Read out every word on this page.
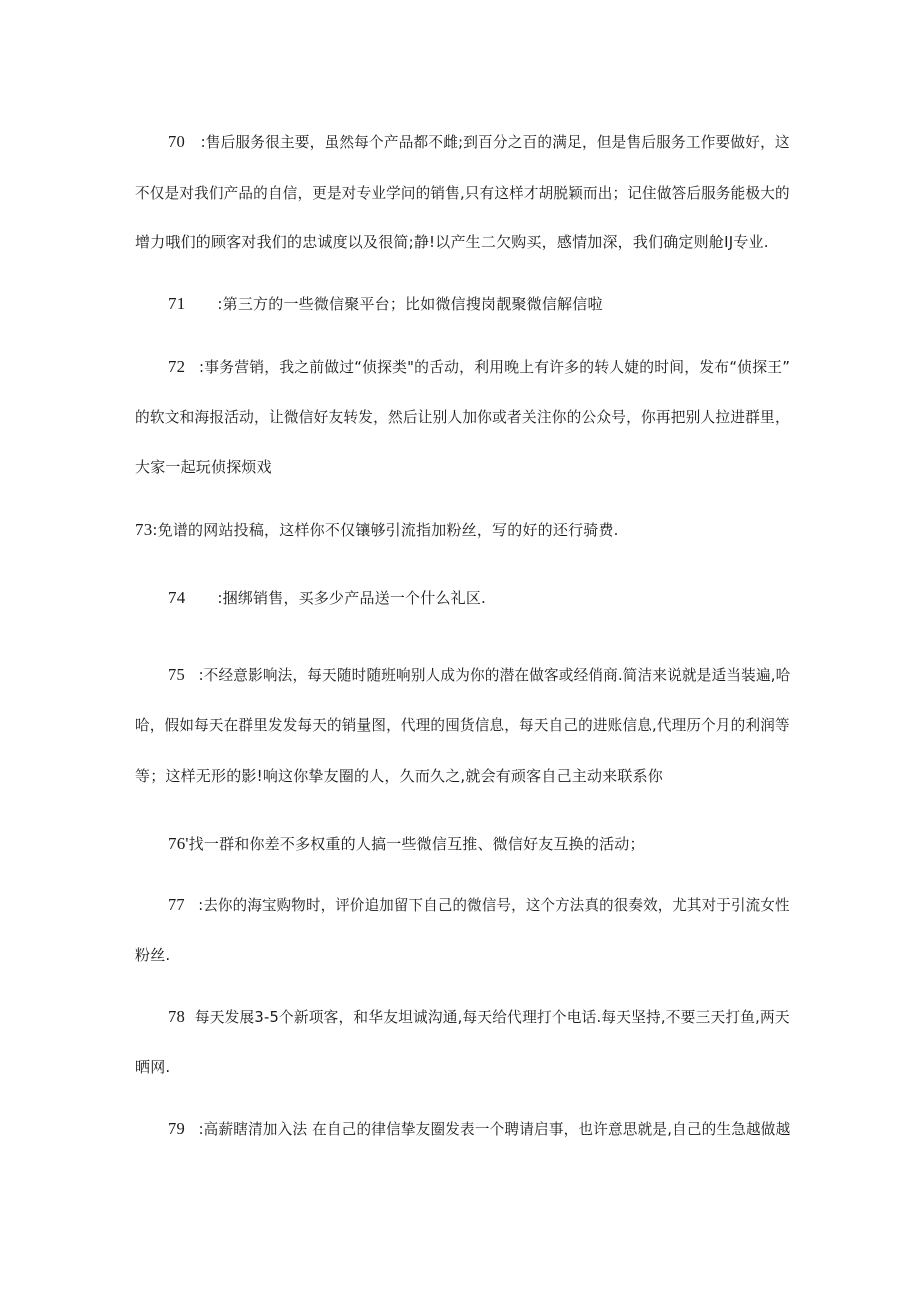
70 :售后服务很主要，虽然每个产品都不雌;到百分之百的满足，但是售后服务工作要做好，这
不仅是对我们产品的自信，更是对专业学问的销售,只有这样才胡脱颖而出；记住做答后服务能极大的
增力哦们的顾客对我们的忠诚度以及很简;静!以产生二欠购买，感情加深，我们确定则舱IJ专业.
71 :第三方的一些微信聚平台；比如微信搜岗靓聚微信解信啦
72 :事务营销，我之前做过“侦探类"的舌动，利用晚上有许多的转人婕的时间，发布“侦探王”
的软文和海报活动，让微信好友转发，然后让别人加你或者关注你的公众号，你再把别人拉进群里，
大家一起玩侦探烦戏
73:免谱的网站投稿，这样你不仅镶够引流指加粉丝，写的好的还行骑费.
74 :捆绑销售，买多少产品送一个什么礼区.
75 :不经意影响法，每天随时随班响别人成为你的潜在做客或经俏商.简洁来说就是适当装遍,哈
哈，假如每天在群里发发每天的销量图，代理的囤货信息，每天自己的进账信息,代理历个月的利润等
等；这样无形的影!响这你挚友圈的人，久而久之,就会有顽客自己主动来联系你
76'找一群和你差不多权重的人搞一些微信互推、微信好友互换的活动；
77 :去你的海宝购物时，评价追加留下自己的微信号，这个方法真的很奏效，尤其对于引流女性
粉丝.
78 每天发展3-5个新项客，和华友坦诚沟通,每天给代理打个电话.每天坚持,不要三天打鱼,两天
晒网.
79 :高薪瞎清加入法 在自己的律信挚友圈发表一个聘请启事，也许意思就是,自己的生急越做越
